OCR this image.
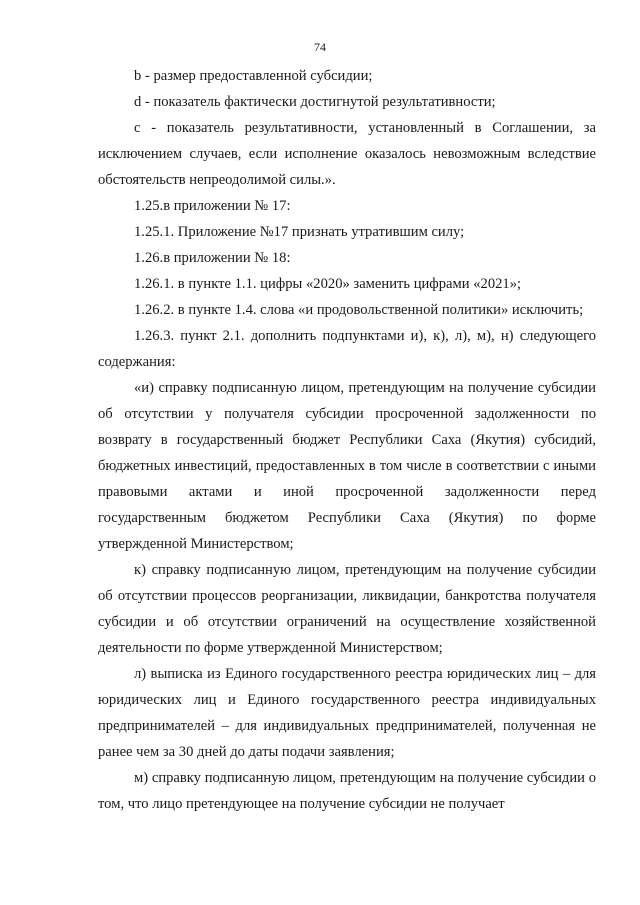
74

b - размер предоставленной субсидии;

d - показатель фактически достигнутой результативности;

с - показатель результативности, установленный в Соглашении, за исключением случаев, если исполнение оказалось невозможным вследствие обстоятельств непреодолимой силы.».

1.25.в приложении № 17:

1.25.1. Приложение №17 признать утратившим силу;

1.26.в приложении № 18:

1.26.1. в пункте 1.1. цифры «2020» заменить цифрами «2021»;

1.26.2. в пункте 1.4. слова «и продовольственной политики» исключить;

1.26.3. пункт 2.1. дополнить подпунктами и), к), л), м), н) следующего содержания:

«и) справку подписанную лицом, претендующим на получение субсидии об отсутствии у получателя субсидии просроченной задолженности по возврату в государственный бюджет Республики Саха (Якутия) субсидий, бюджетных инвестиций, предоставленных в том числе в соответствии с иными правовыми актами и иной просроченной задолженности перед государственным бюджетом Республики Саха (Якутия) по форме утвержденной Министерством;

к) справку подписанную лицом, претендующим на получение субсидии об отсутствии процессов реорганизации, ликвидации, банкротства получателя субсидии и об отсутствии ограничений на осуществление хозяйственной деятельности по форме утвержденной Министерством;

л) выписка из Единого государственного реестра юридических лиц – для юридических лиц и Единого государственного реестра индивидуальных предпринимателей – для индивидуальных предпринимателей, полученная не ранее чем за 30 дней до даты подачи заявления;

м) справку подписанную лицом, претендующим на получение субсидии о том, что лицо претендующее на получение субсидии не получает
